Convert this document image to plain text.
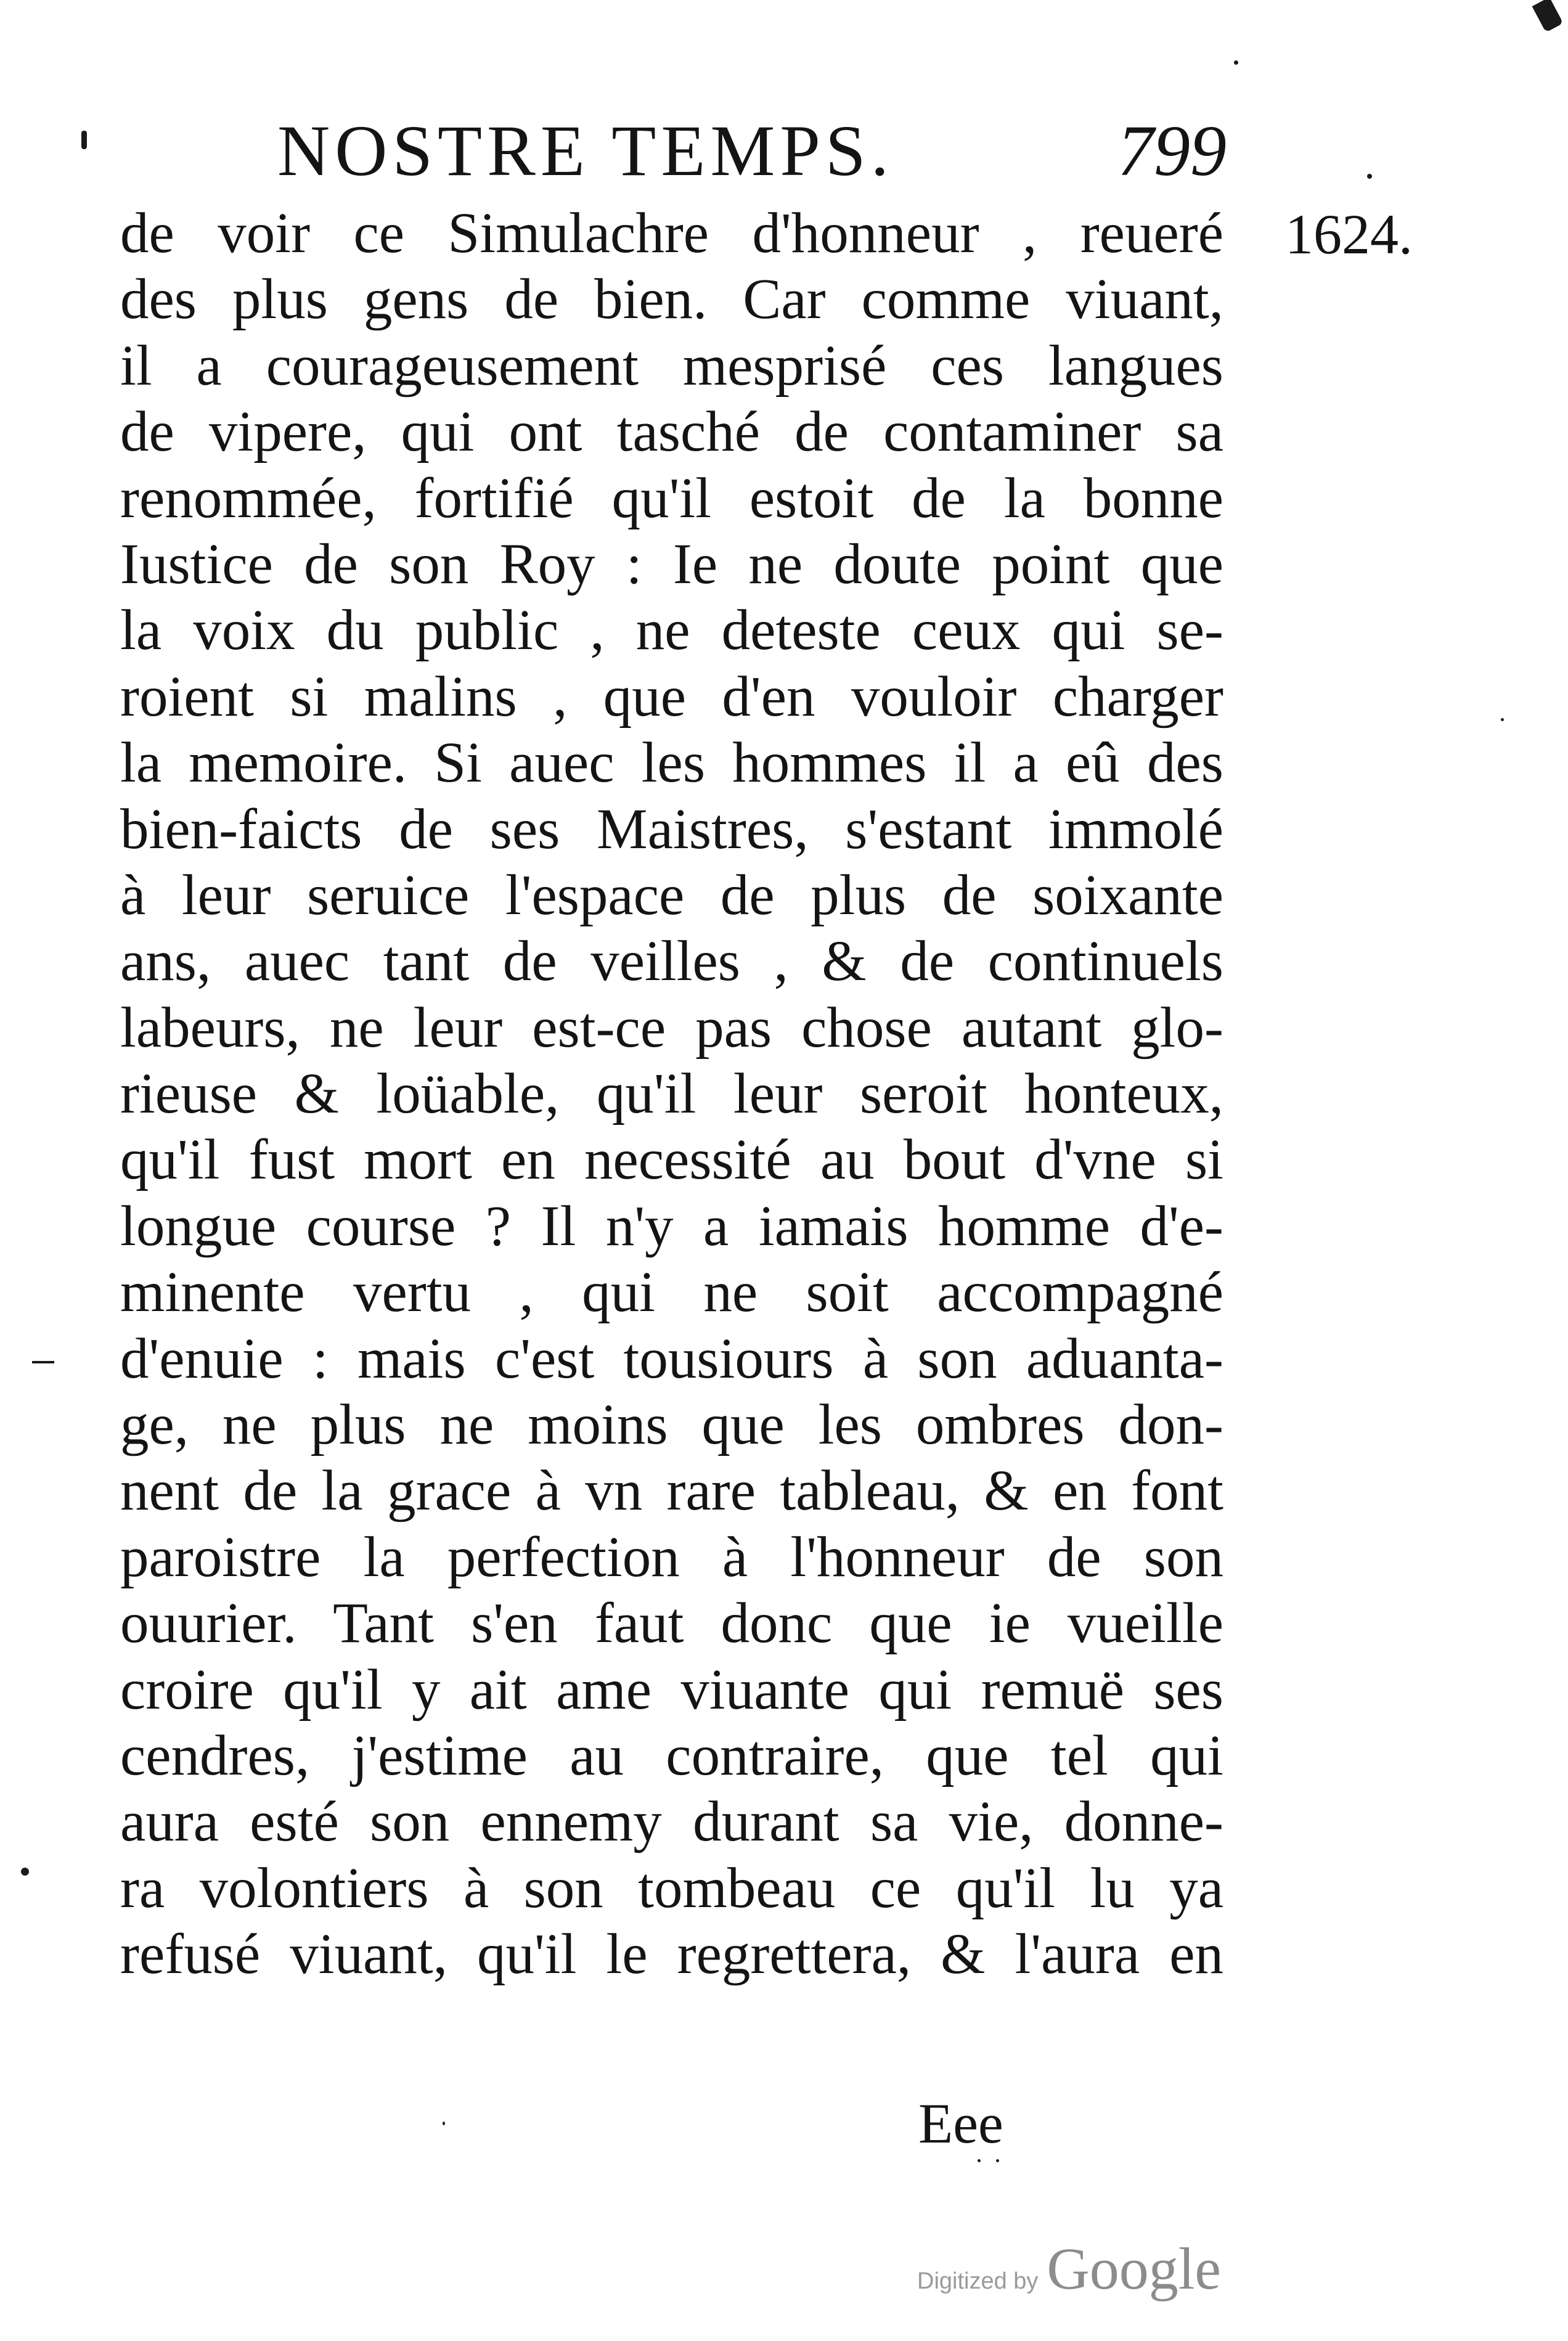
NOSTRE TEMPS.	799
1624.
de voir ce Simulachre d'honneur , reueré
des plus gens de bien. Car comme viuant,
il a courageusement mesprisé ces langues
de vipere, qui ont tasché de contaminer sa
renommée, fortifié qu'il estoit de la bonne
Iustice de son Roy : Ie ne doute point que
la voix du public , ne deteste ceux qui se-
roient si malins , que d'en vouloir charger
la memoire. Si auec les hommes il a eû des
bien-faicts de ses Maistres, s'estant immolé
à leur seruice l'espace de plus de soixante
ans, auec tant de veilles , & de continuels
labeurs, ne leur est-ce pas chose autant glo-
rieuse & loüable, qu'il leur seroit honteux,
qu'il fust mort en necessité au bout d'vne si
longue course ? Il n'y a iamais homme d'e-
minente vertu , qui ne soit accompagné
d'enuie : mais c'est tousiours à son aduanta-
ge, ne plus ne moins que les ombres don-
nent de la grace à vn rare tableau, & en font
paroistre la perfection à l'honneur de son
ouurier. Tant s'en faut donc que ie vueille
croire qu'il y ait ame viuante qui remuë ses
cendres, j'estime au contraire, que tel qui
aura esté son ennemy durant sa vie, donne-
ra volontiers à son tombeau ce qu'il lu ya
refusé viuant, qu'il le regrettera, & l'aura en
Eee
Digitized by Google
